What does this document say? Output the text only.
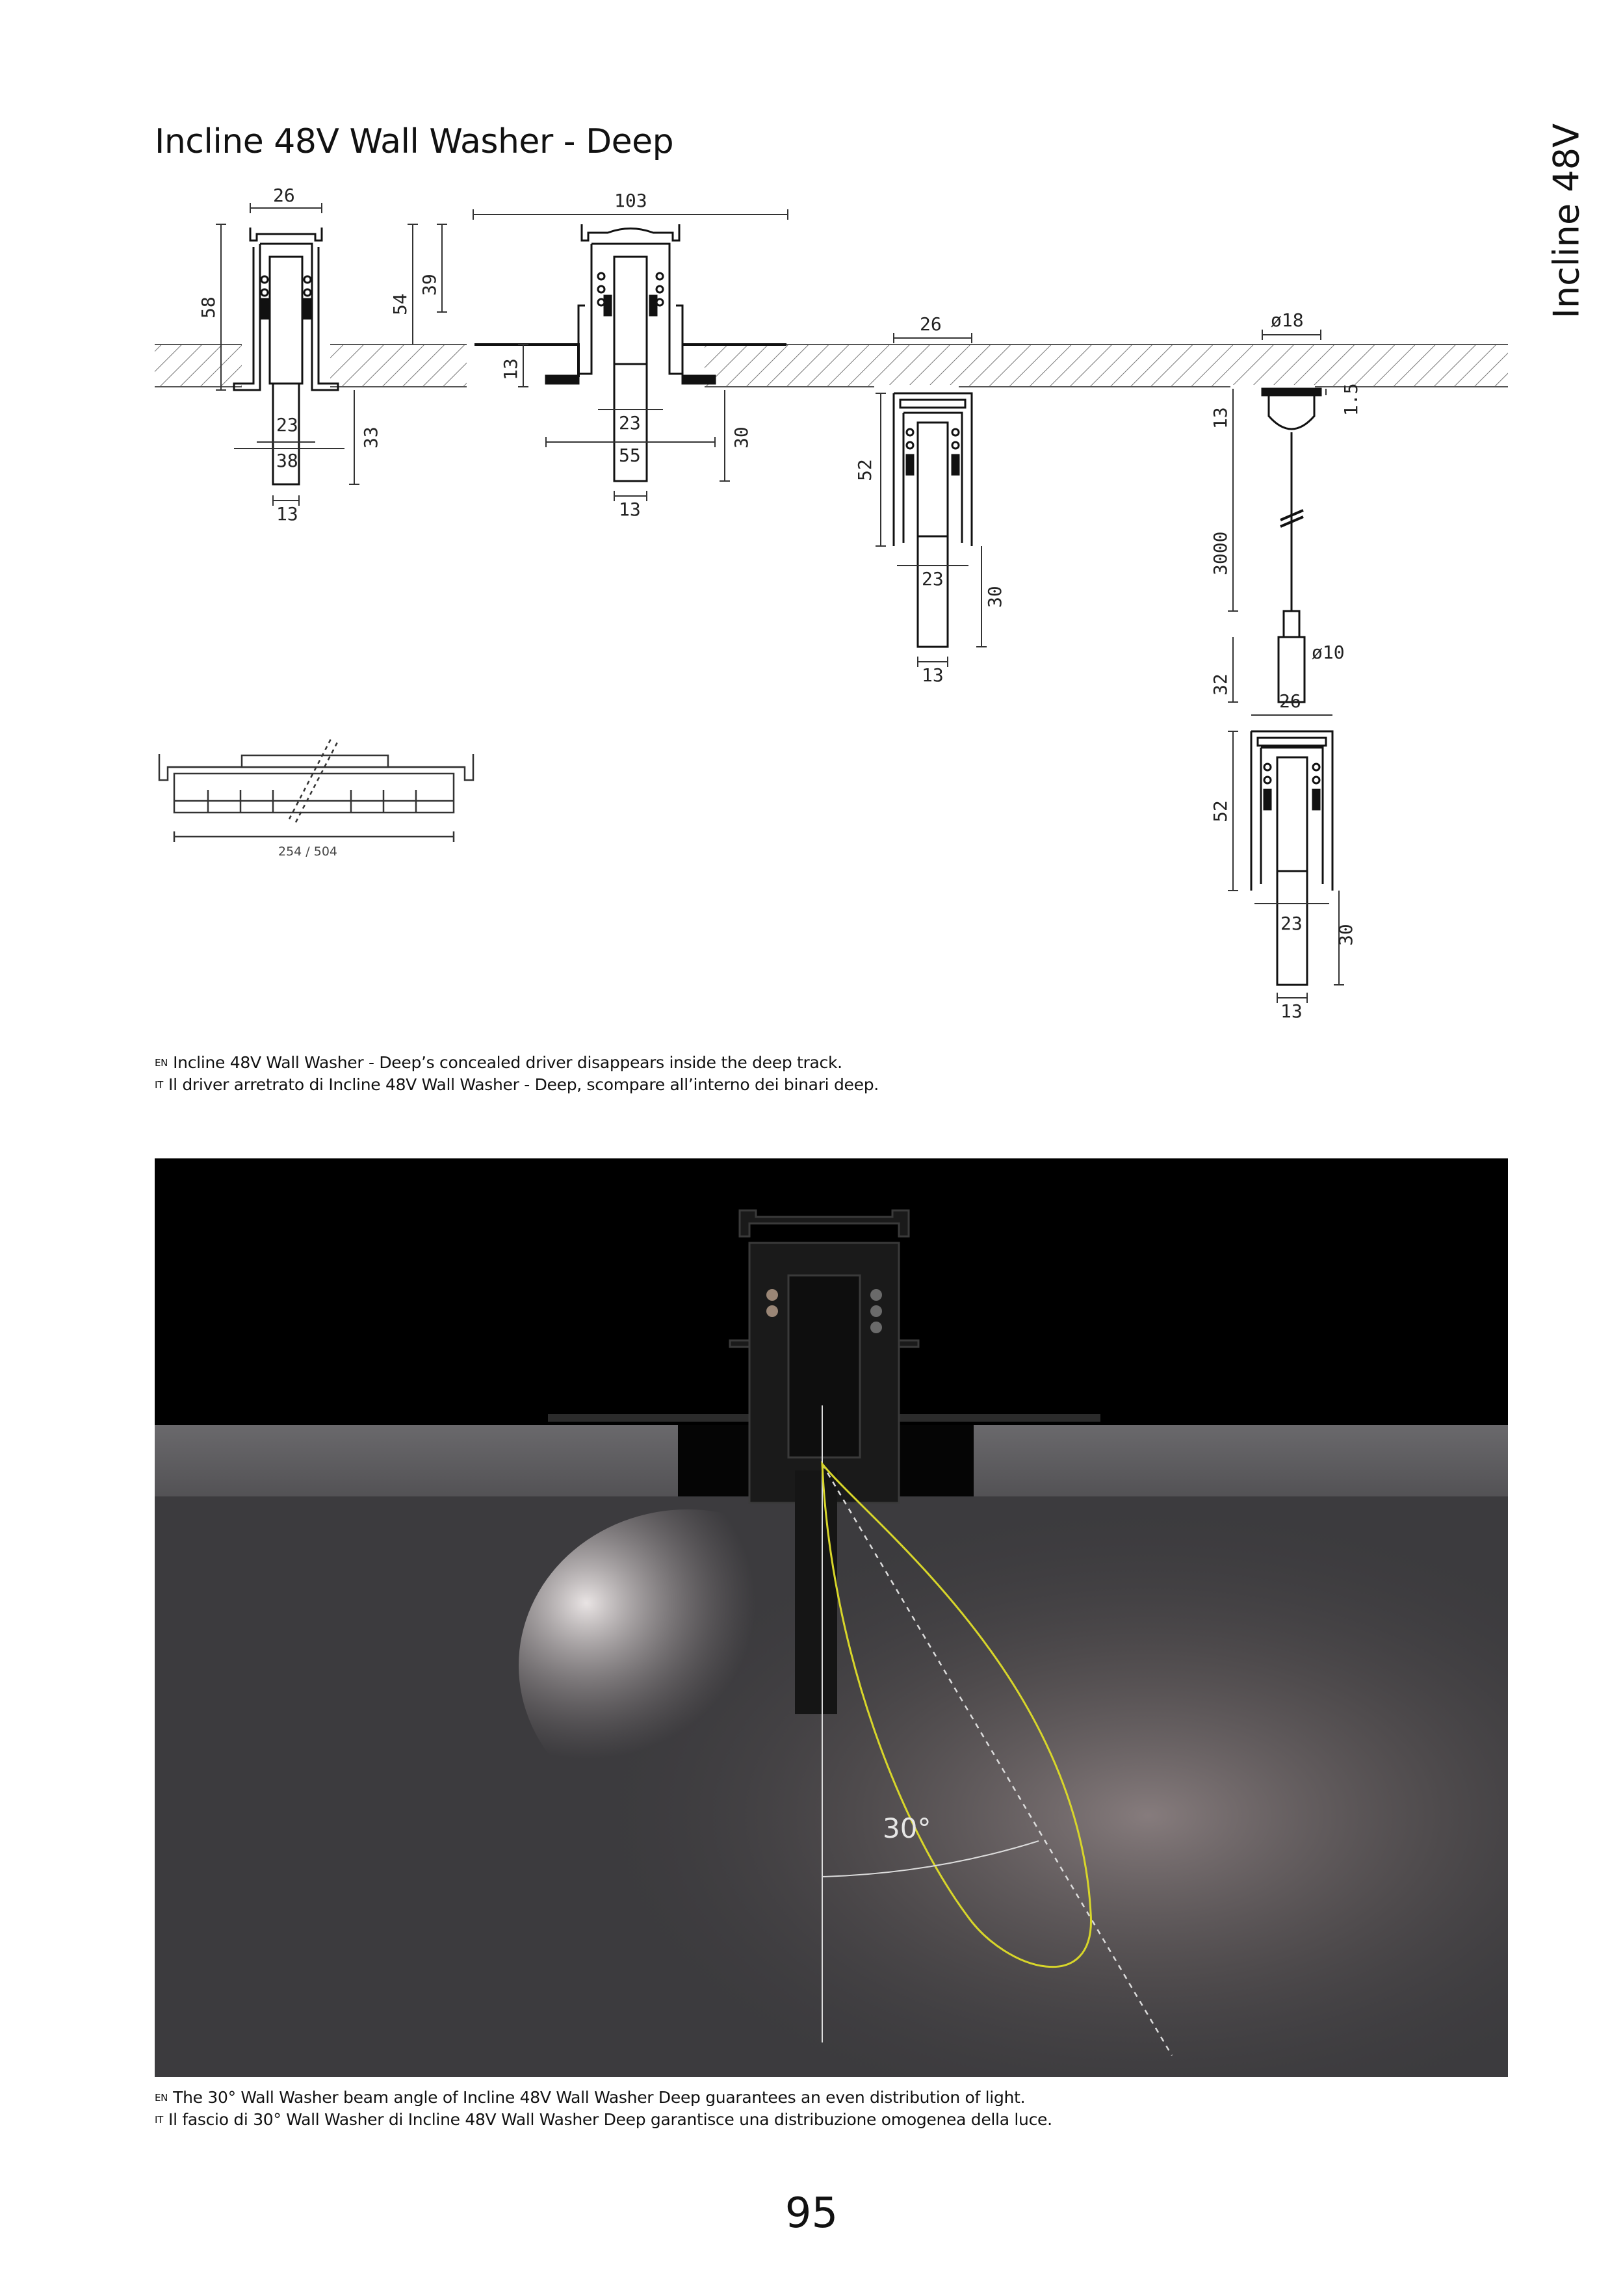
Incline 48V Wall Washer - Deep	Incline 48V
26
58	54
39
23
38
13
33
103
13
23
55
13
30
26
52
23
30
13
ø18
1.5
13
3000
ø10
32
26
52
23
30
13
254 / 504
$^{EN}$ Incline 48V Wall Washer - Deep’s concealed driver disappears inside the deep track.
$^{IT}$ Il driver arretrato di Incline 48V Wall Washer - Deep, scompare all’interno dei binari deep.
30°
$^{EN}$ The 30° Wall Washer beam angle of Incline 48V Wall Washer Deep guarantees an even distribution of light.
$^{IT}$ Il fascio di 30° Wall Washer di Incline 48V Wall Washer Deep garantisce una distribuzione omogenea della luce.
95
